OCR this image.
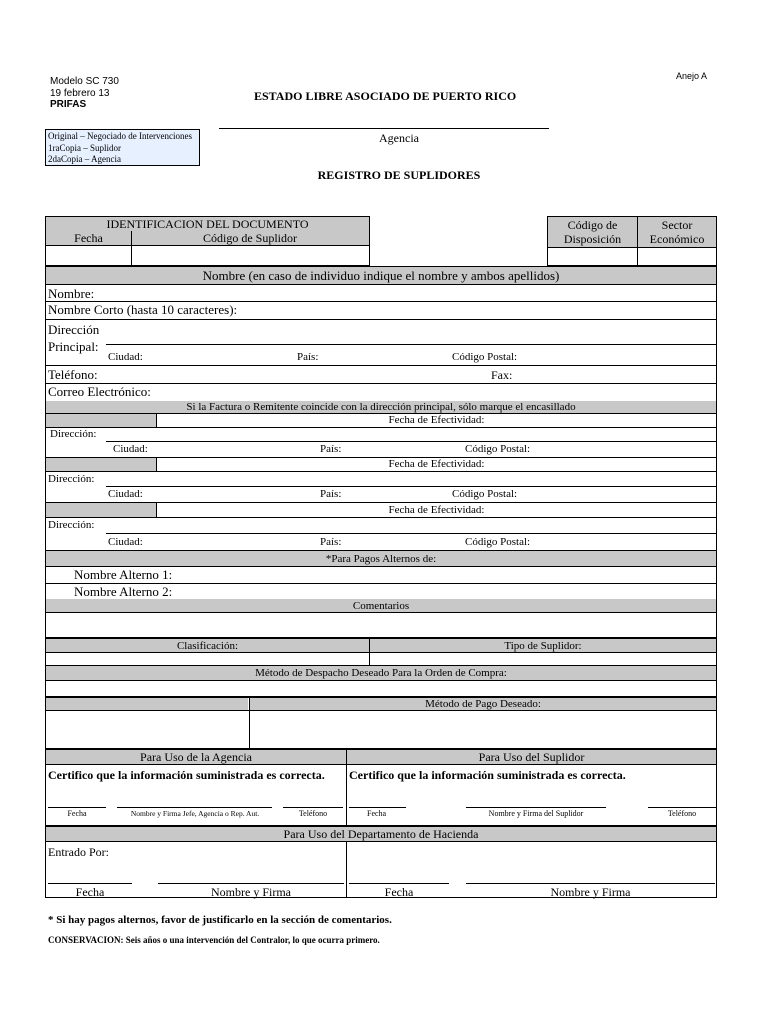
Anejo A
Modelo SC 730
19 febrero 13
PRIFAS
ESTADO LIBRE ASOCIADO DE PUERTO RICO
Original – Negociado de Intervenciones
1raCopia – Suplidor
2daCopia – Agencia
Agencia
REGISTRO DE SUPLIDORES
IDENTIFICACION DEL DOCUMENTO
Fecha	Código de Suplidor
Código de
Disposición
Sector
Económico
Nombre (en caso de individuo indique el nombre y ambos apellidos)
Nombre:
Nombre Corto (hasta 10 caracteres):
Dirección
Principal:
Ciudad:	País:	Código Postal:
Teléfono:	Fax:
Correo Electrónico:
Si la Factura o Remitente coincide con la dirección principal, sólo marque el encasillado
Fecha de Efectividad:
Dirección:
Ciudad:	País:	Código Postal:
Fecha de Efectividad:
Dirección:
Ciudad:	País:	Código Postal:
Fecha de Efectividad:
Dirección:
Ciudad:	País:	Código Postal:
*Para Pagos Alternos de:
Nombre Alterno 1:
Nombre Alterno 2:
Comentarios
Clasificación:	Tipo de Suplidor:
Método de Despacho Deseado Para la Orden de Compra:
Método de Pago Deseado:
Para Uso de la Agencia	Para Uso del Suplidor
Certifico que la información suministrada es correcta. Certifico que la información suministrada es correcta.
Fecha	Nombre y Firma Jefe, Agencia o Rep. Aut.	Teléfono	Fecha	Nombre y Firma del Suplidor	Teléfono
Para Uso del Departamento de Hacienda
Entrado Por:
Fecha	Nombre y Firma	Fecha	Nombre y Firma
* Si hay pagos alternos, favor de justificarlo en la sección de comentarios.
CONSERVACION: Seis años o una intervención del Contralor, lo que ocurra primero.
